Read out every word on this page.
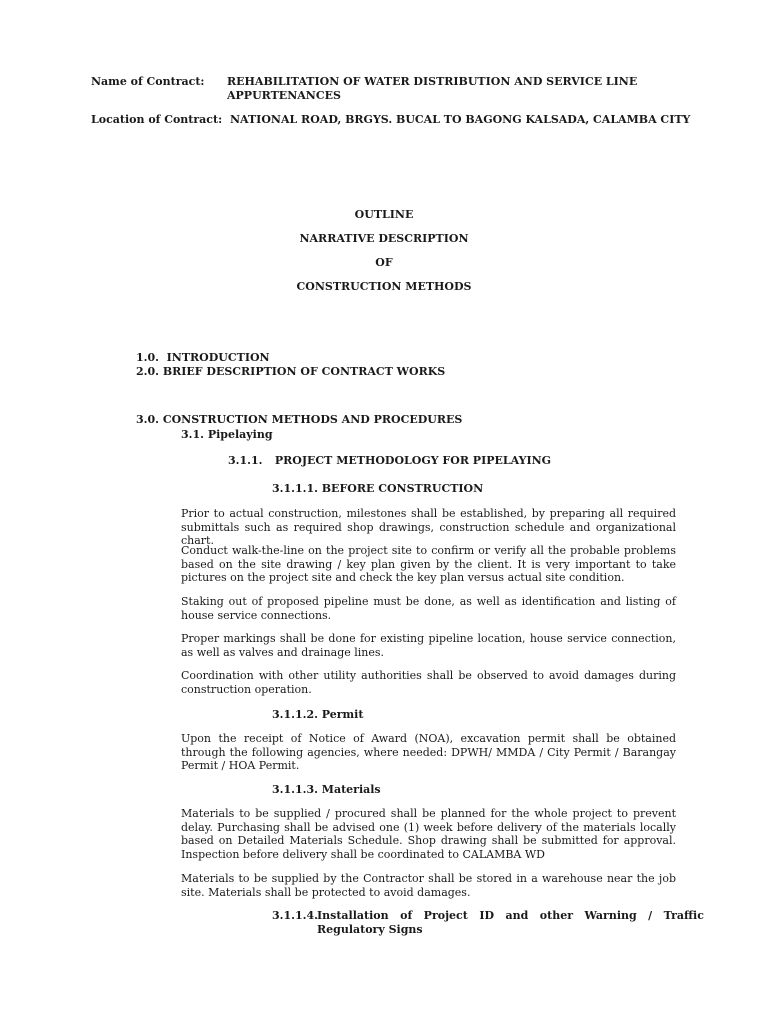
Name of Contract: REHABILITATION OF WATER DISTRIBUTION AND SERVICE LINE
APPURTENANCES
Location of Contract: NATIONAL ROAD, BRGYS. BUCAL TO BAGONG KALSADA, CALAMBA CITY
OUTLINE
NARRATIVE DESCRIPTION
OF
CONSTRUCTION METHODS
1.0. INTRODUCTION
2.0. BRIEF DESCRIPTION OF CONTRACT WORKS
3.0. CONSTRUCTION METHODS AND PROCEDURES
3.1. Pipelaying
3.1.1. PROJECT METHODOLOGY FOR PIPELAYING
3.1.1.1. BEFORE CONSTRUCTION
Prior to actual construction, milestones shall be established, by preparing all required submittals such as required shop drawings, construction schedule and organizational chart.
Conduct walk-the-line on the project site to confirm or verify all the probable problems based on the site drawing / key plan given by the client. It is very important to take pictures on the project site and check the key plan versus actual site condition.
Staking out of proposed pipeline must be done, as well as identification and listing of house service connections.
Proper markings shall be done for existing pipeline location, house service connection, as well as valves and drainage lines.
Coordination with other utility authorities shall be observed to avoid damages during construction operation.
3.1.1.2. Permit
Upon the receipt of Notice of Award (NOA), excavation permit shall be obtained through the following agencies, where needed: DPWH/ MMDA / City Permit / Barangay Permit / HOA Permit.
3.1.1.3. Materials
Materials to be supplied / procured shall be planned for the whole project to prevent delay. Purchasing shall be advised one (1) week before delivery of the materials locally based on Detailed Materials Schedule. Shop drawing shall be submitted for approval. Inspection before delivery shall be coordinated to CALAMBA WD
Materials to be supplied by the Contractor shall be stored in a warehouse near the job site. Materials shall be protected to avoid damages.
3.1.1.4. Installation   of   Project   ID   and   other   Warning   /   Traffic
Regulatory Signs
